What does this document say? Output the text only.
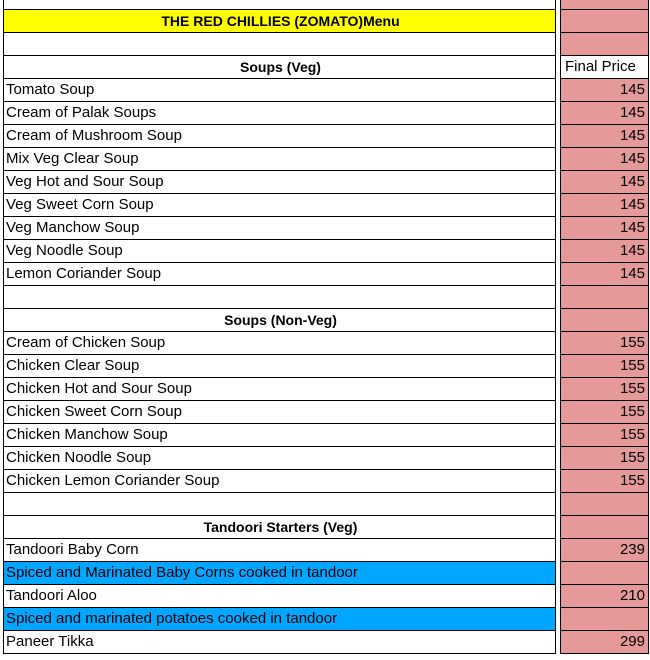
THE RED CHILLIES (ZOMATO)Menu
Soups (Veg)	Final Price
Tomato Soup	145
Cream of Palak Soups	145
Cream of Mushroom Soup	145
Mix Veg Clear Soup	145
Veg Hot and Sour Soup	145
Veg Sweet Corn Soup	145
Veg Manchow Soup	145
Veg Noodle Soup	145
Lemon Coriander Soup	145
Soups (Non-Veg)
Cream of Chicken Soup	155
Chicken Clear Soup	155
Chicken Hot and Sour Soup	155
Chicken Sweet Corn Soup	155
Chicken Manchow Soup	155
Chicken Noodle Soup	155
Chicken Lemon Coriander Soup	155
Tandoori Starters (Veg)
Tandoori Baby Corn	239
Spiced and Marinated Baby Corns cooked in tandoor
Tandoori Aloo	210
Spiced and marinated potatoes cooked in tandoor
Paneer Tikka	299
